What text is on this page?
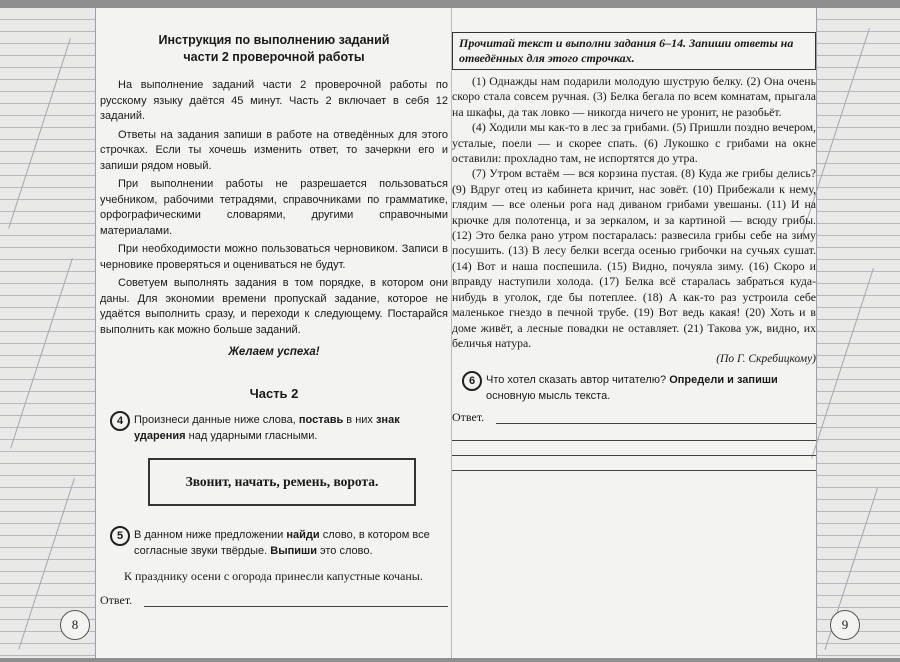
Инструкция по выполнению заданий
части 2 проверочной работы

На выполнение заданий части 2 проверочной работы по русскому языку даётся 45 минут. Часть 2 включает в себя 12 заданий.

Ответы на задания запиши в работе на отведённых для этого строчках. Если ты хочешь изменить ответ, то зачеркни его и запиши рядом новый.

При выполнении работы не разрешается пользоваться учебником, рабочими тетрадями, справочниками по грамматике, орфографическими словарями, другими справочными материалами.

При необходимости можно пользоваться черновиком. Записи в черновике проверяться и оцениваться не будут.

Советуем выполнять задания в том порядке, в котором они даны. Для экономии времени пропускай задание, которое не удаётся выполнить сразу, и переходи к следующему. Постарайся выполнить как можно больше заданий.

Желаем успеха!
Часть 2
4 Произнеси данные ниже слова, поставь в них знак ударения над ударными гласными.
Звонит, начать, ремень, ворота.
5 В данном ниже предложении найди слово, в котором все согласные звуки твёрдые. Выпиши это слово.

К празднику осени с огорода принесли капустные кочаны.

Ответ.
8
Прочитай текст и выполни задания 6–14. Запиши ответы на отведённых для этого строчках.

(1) Однажды нам подарили молодую шуструю белку. (2) Она очень скоро стала совсем ручная. (3) Белка бегала по всем комнатам, прыгала на шкафы, да так ловко — никогда ничего не уронит, не разобьёт.

(4) Ходили мы как-то в лес за грибами. (5) Пришли поздно вечером, усталые, поели — и скорее спать. (6) Лукошко с грибами на окне оставили: прохладно там, не испортятся до утра.

(7) Утром встаём — вся корзина пустая. (8) Куда же грибы делись? (9) Вдруг отец из кабинета кричит, нас зовёт. (10) Прибежали к нему, глядим — все оленьи рога над диваном грибами увешаны. (11) И на крючке для полотенца, и за зеркалом, и за картиной — всюду грибы. (12) Это белка рано утром постаралась: развесила грибы себе на зиму посушить. (13) В лесу белки всегда осенью грибочки на сучьях сушат. (14) Вот и наша поспешила. (15) Видно, почуяла зиму. (16) Скоро и вправду наступили холода. (17) Белка всё старалась забраться куда-нибудь в уголок, где бы потеплее. (18) А как-то раз устроила себе маленькое гнездо в печной трубе. (19) Вот ведь какая! (20) Хоть и в доме живёт, а лесные повадки не оставляет. (21) Такова уж, видно, их беличья натура.

(По Г. Скребицкому)
6 Что хотел сказать автор читателю? Определи и запиши основную мысль текста.
Ответ.
9
